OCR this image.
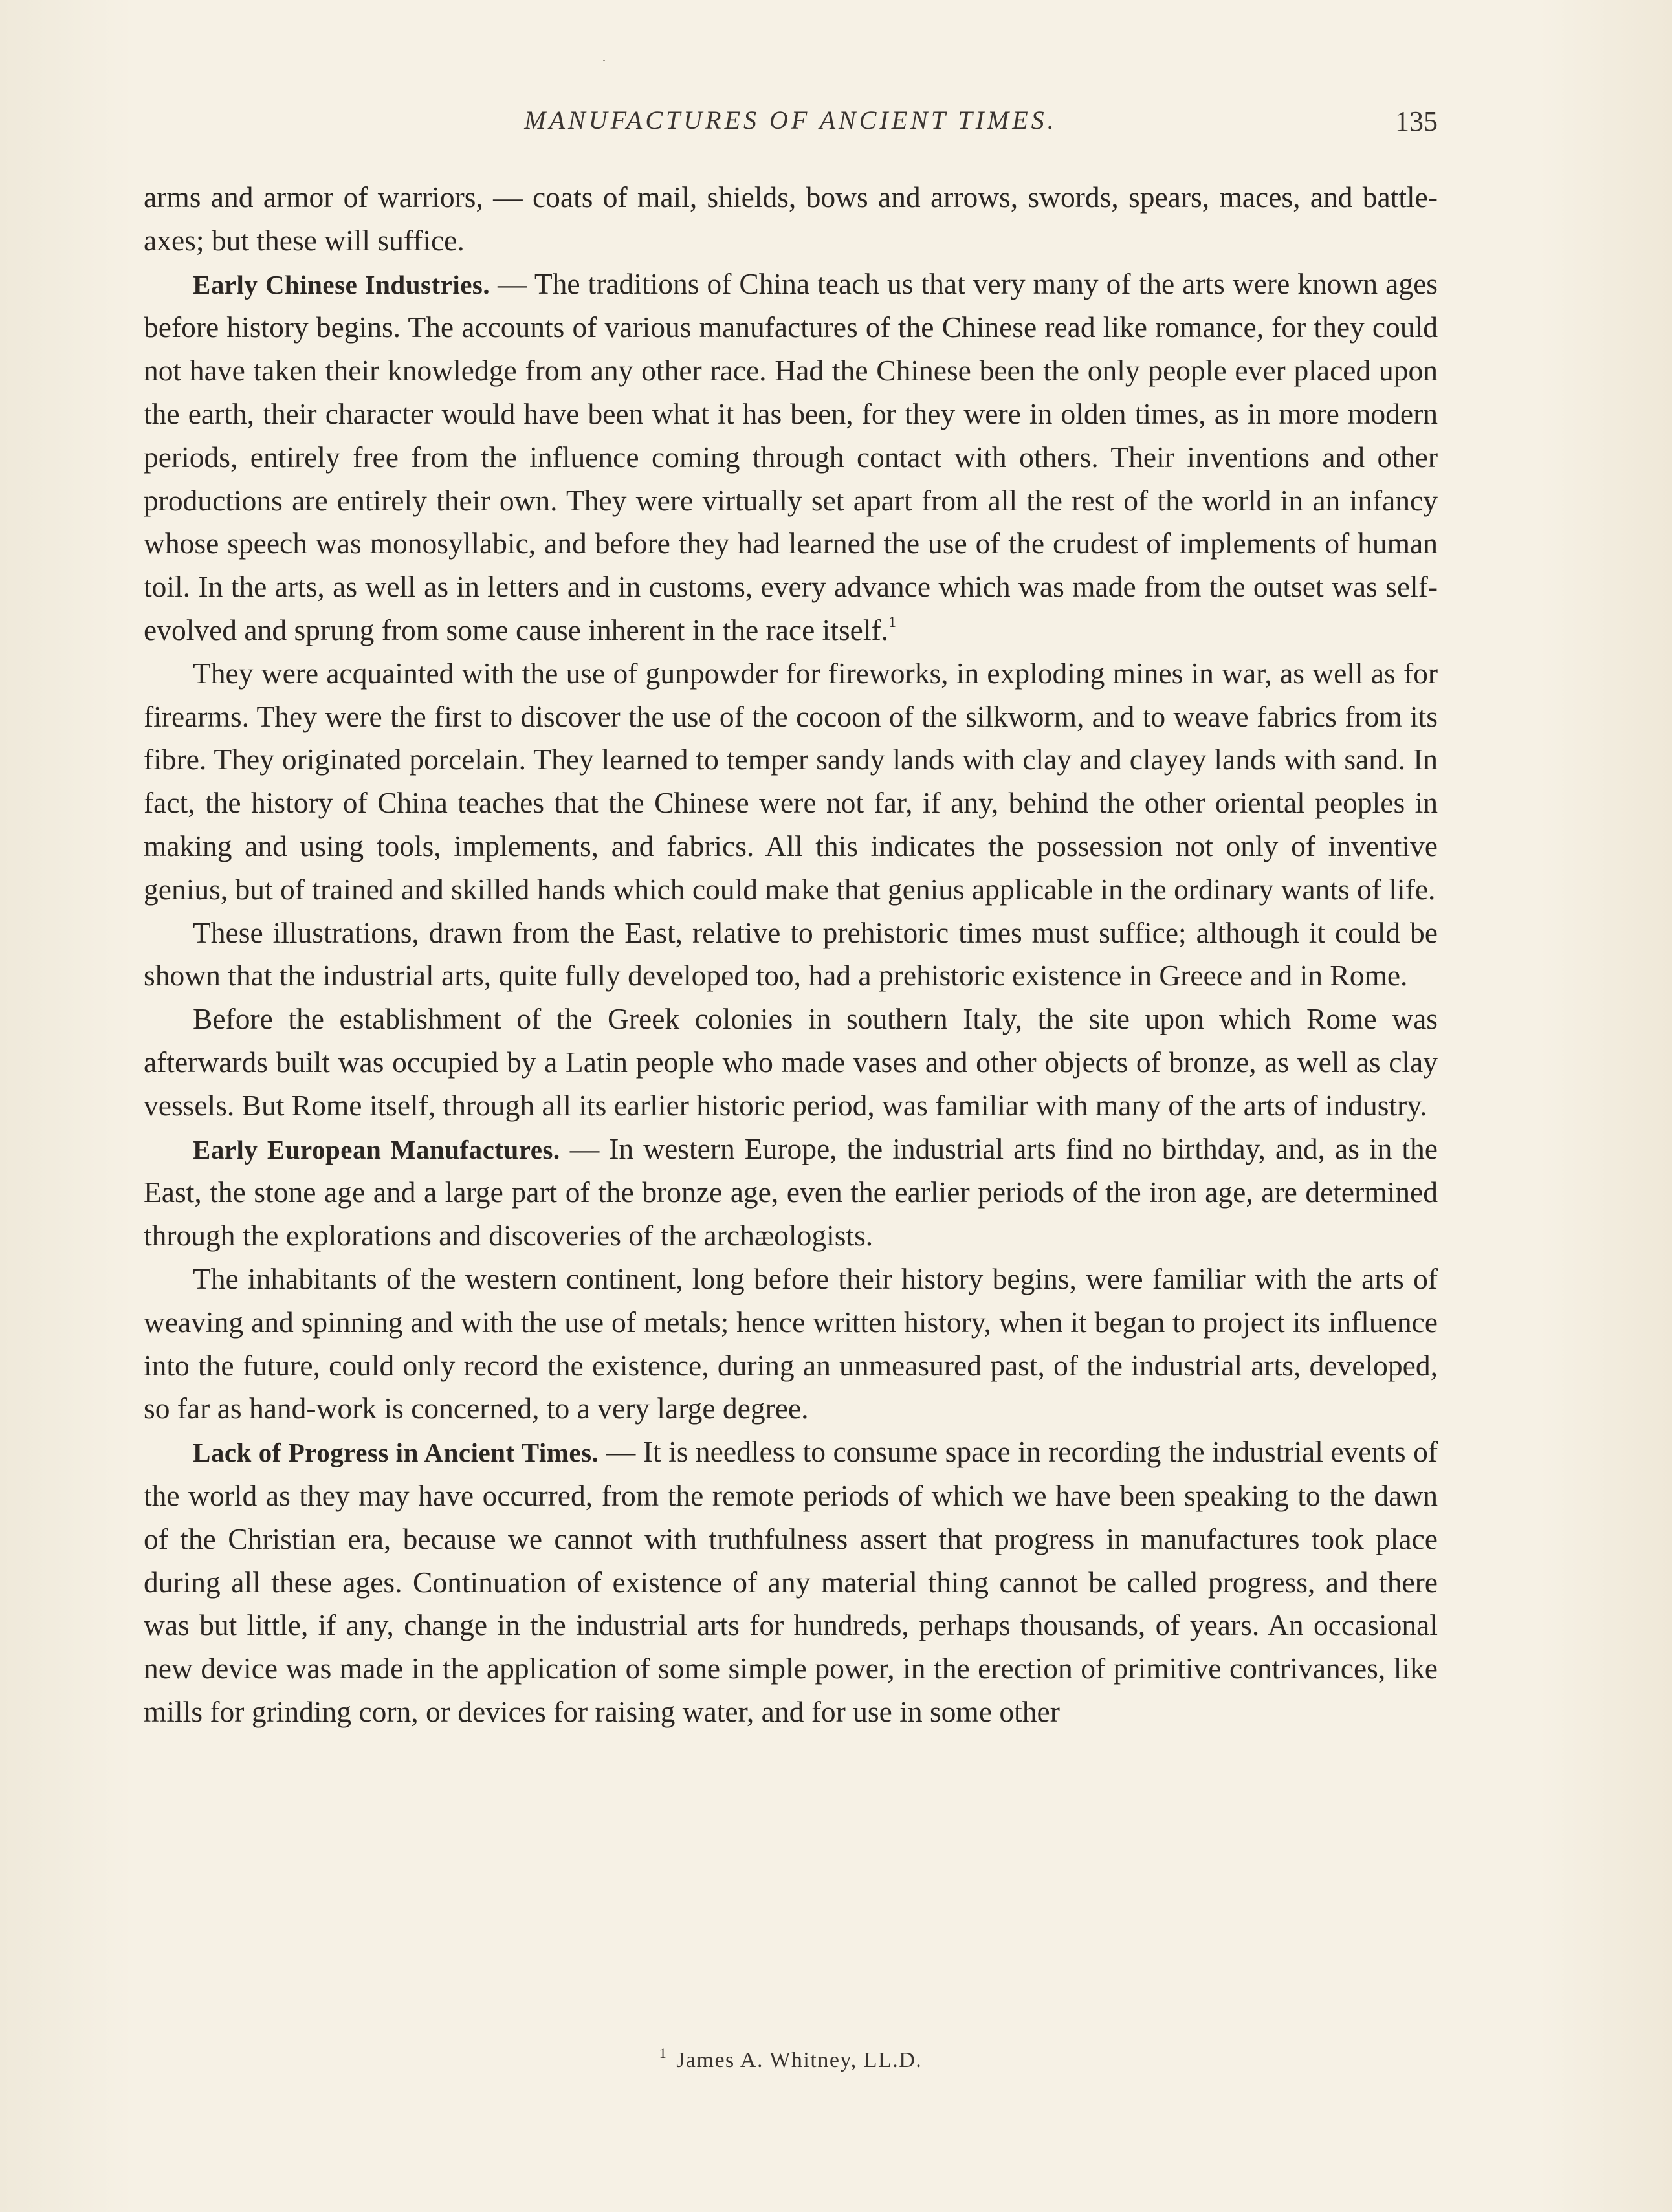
MANUFACTURES OF ANCIENT TIMES.	135

arms and armor of warriors, — coats of mail, shields, bows and arrows, swords, spears, maces, and battle-axes; but these will suffice.

Early Chinese Industries. — The traditions of China teach us that very many of the arts were known ages before history begins. The accounts of various manufactures of the Chinese read like romance, for they could not have taken their knowledge from any other race. Had the Chinese been the only people ever placed upon the earth, their character would have been what it has been, for they were in olden times, as in more modern periods, entirely free from the influence coming through contact with others. Their inventions and other productions are entirely their own. They were virtually set apart from all the rest of the world in an infancy whose speech was monosyllabic, and before they had learned the use of the crudest of implements of human toil. In the arts, as well as in letters and in customs, every advance which was made from the outset was self-evolved and sprung from some cause inherent in the race itself.$^1$

They were acquainted with the use of gunpowder for fireworks, in exploding mines in war, as well as for firearms. They were the first to discover the use of the cocoon of the silkworm, and to weave fabrics from its fibre. They originated porcelain. They learned to temper sandy lands with clay and clayey lands with sand. In fact, the history of China teaches that the Chinese were not far, if any, behind the other oriental peoples in making and using tools, implements, and fabrics. All this indicates the possession not only of inventive genius, but of trained and skilled hands which could make that genius applicable in the ordinary wants of life.

These illustrations, drawn from the East, relative to prehistoric times must suffice; although it could be shown that the industrial arts, quite fully developed too, had a prehistoric existence in Greece and in Rome.

Before the establishment of the Greek colonies in southern Italy, the site upon which Rome was afterwards built was occupied by a Latin people who made vases and other objects of bronze, as well as clay vessels. But Rome itself, through all its earlier historic period, was familiar with many of the arts of industry.

Early European Manufactures. — In western Europe, the industrial arts find no birthday, and, as in the East, the stone age and a large part of the bronze age, even the earlier periods of the iron age, are determined through the explorations and discoveries of the archæologists.

The inhabitants of the western continent, long before their history begins, were familiar with the arts of weaving and spinning and with the use of metals; hence written history, when it began to project its influence into the future, could only record the existence, during an unmeasured past, of the industrial arts, developed, so far as hand-work is concerned, to a very large degree.

Lack of Progress in Ancient Times. — It is needless to consume space in recording the industrial events of the world as they may have occurred, from the remote periods of which we have been speaking to the dawn of the Christian era, because we cannot with truthfulness assert that progress in manufactures took place during all these ages. Continuation of existence of any material thing cannot be called progress, and there was but little, if any, change in the industrial arts for hundreds, perhaps thousands, of years. An occasional new device was made in the application of some simple power, in the erection of primitive contrivances, like mills for grinding corn, or devices for raising water, and for use in some other

$^1$ James A. Whitney, LL.D.
